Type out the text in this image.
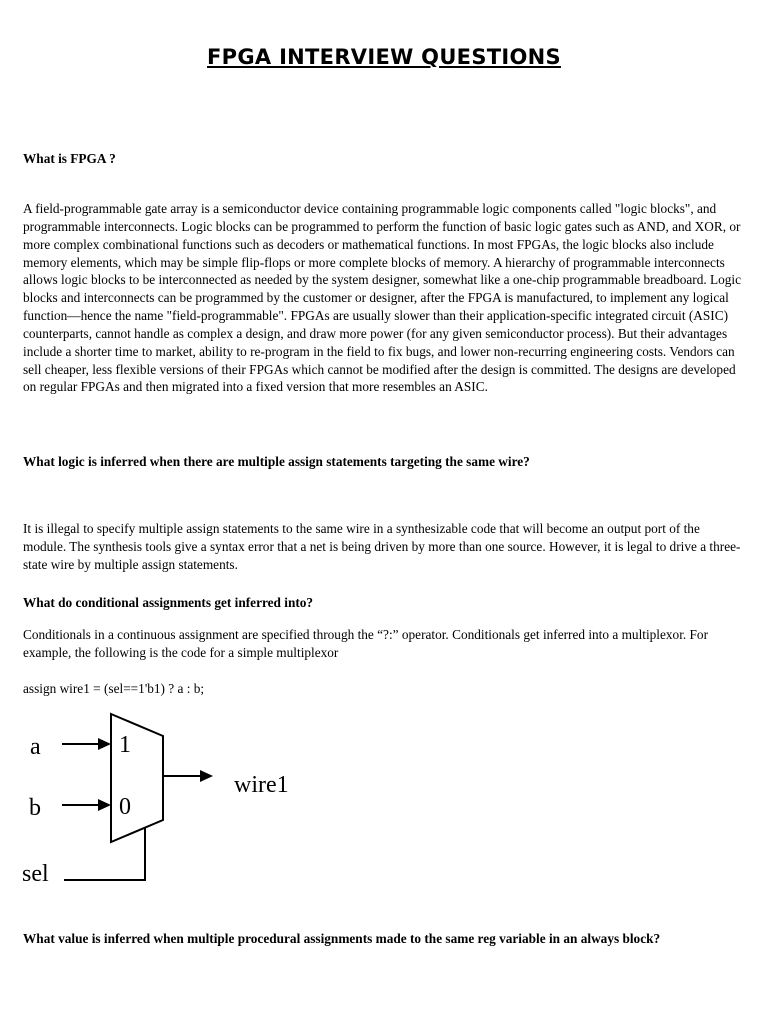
FPGA INTERVIEW QUESTIONS
What is FPGA ?
A field-programmable gate array is a semiconductor device containing programmable logic components called "logic blocks", and programmable interconnects. Logic blocks can be programmed to perform the function of basic logic gates such as AND, and XOR, or more complex combinational functions such as decoders or mathematical functions. In most FPGAs, the logic blocks also include memory elements, which may be simple flip-flops or more complete blocks of memory. A hierarchy of programmable interconnects allows logic blocks to be interconnected as needed by the system designer, somewhat like a one-chip programmable breadboard. Logic blocks and interconnects can be programmed by the customer or designer, after the FPGA is manufactured, to implement any logical function—hence the name "field-programmable". FPGAs are usually slower than their application-specific integrated circuit (ASIC) counterparts, cannot handle as complex a design, and draw more power (for any given semiconductor process). But their advantages include a shorter time to market, ability to re-program in the field to fix bugs, and lower non-recurring engineering costs. Vendors can sell cheaper, less flexible versions of their FPGAs which cannot be modified after the design is committed. The designs are developed on regular FPGAs and then migrated into a fixed version that more resembles an ASIC.
What logic is inferred when there are multiple assign statements targeting the same wire?
It is illegal to specify multiple assign statements to the same wire in a synthesizable code that will become an output port of the module. The synthesis tools give a syntax error that a net is being driven by more than one source. However, it is legal to drive a three-state wire by multiple assign statements.
What do conditional assignments get inferred into?
Conditionals in a continuous assignment are specified through the “?:” operator. Conditionals get inferred into a multiplexor. For example, the following is the code for a simple multiplexor
assign wire1 = (sel==1'b1) ? a : b;
a
b
sel
wire1
1
0
What value is inferred when multiple procedural assignments made to the same reg variable in an always block?
